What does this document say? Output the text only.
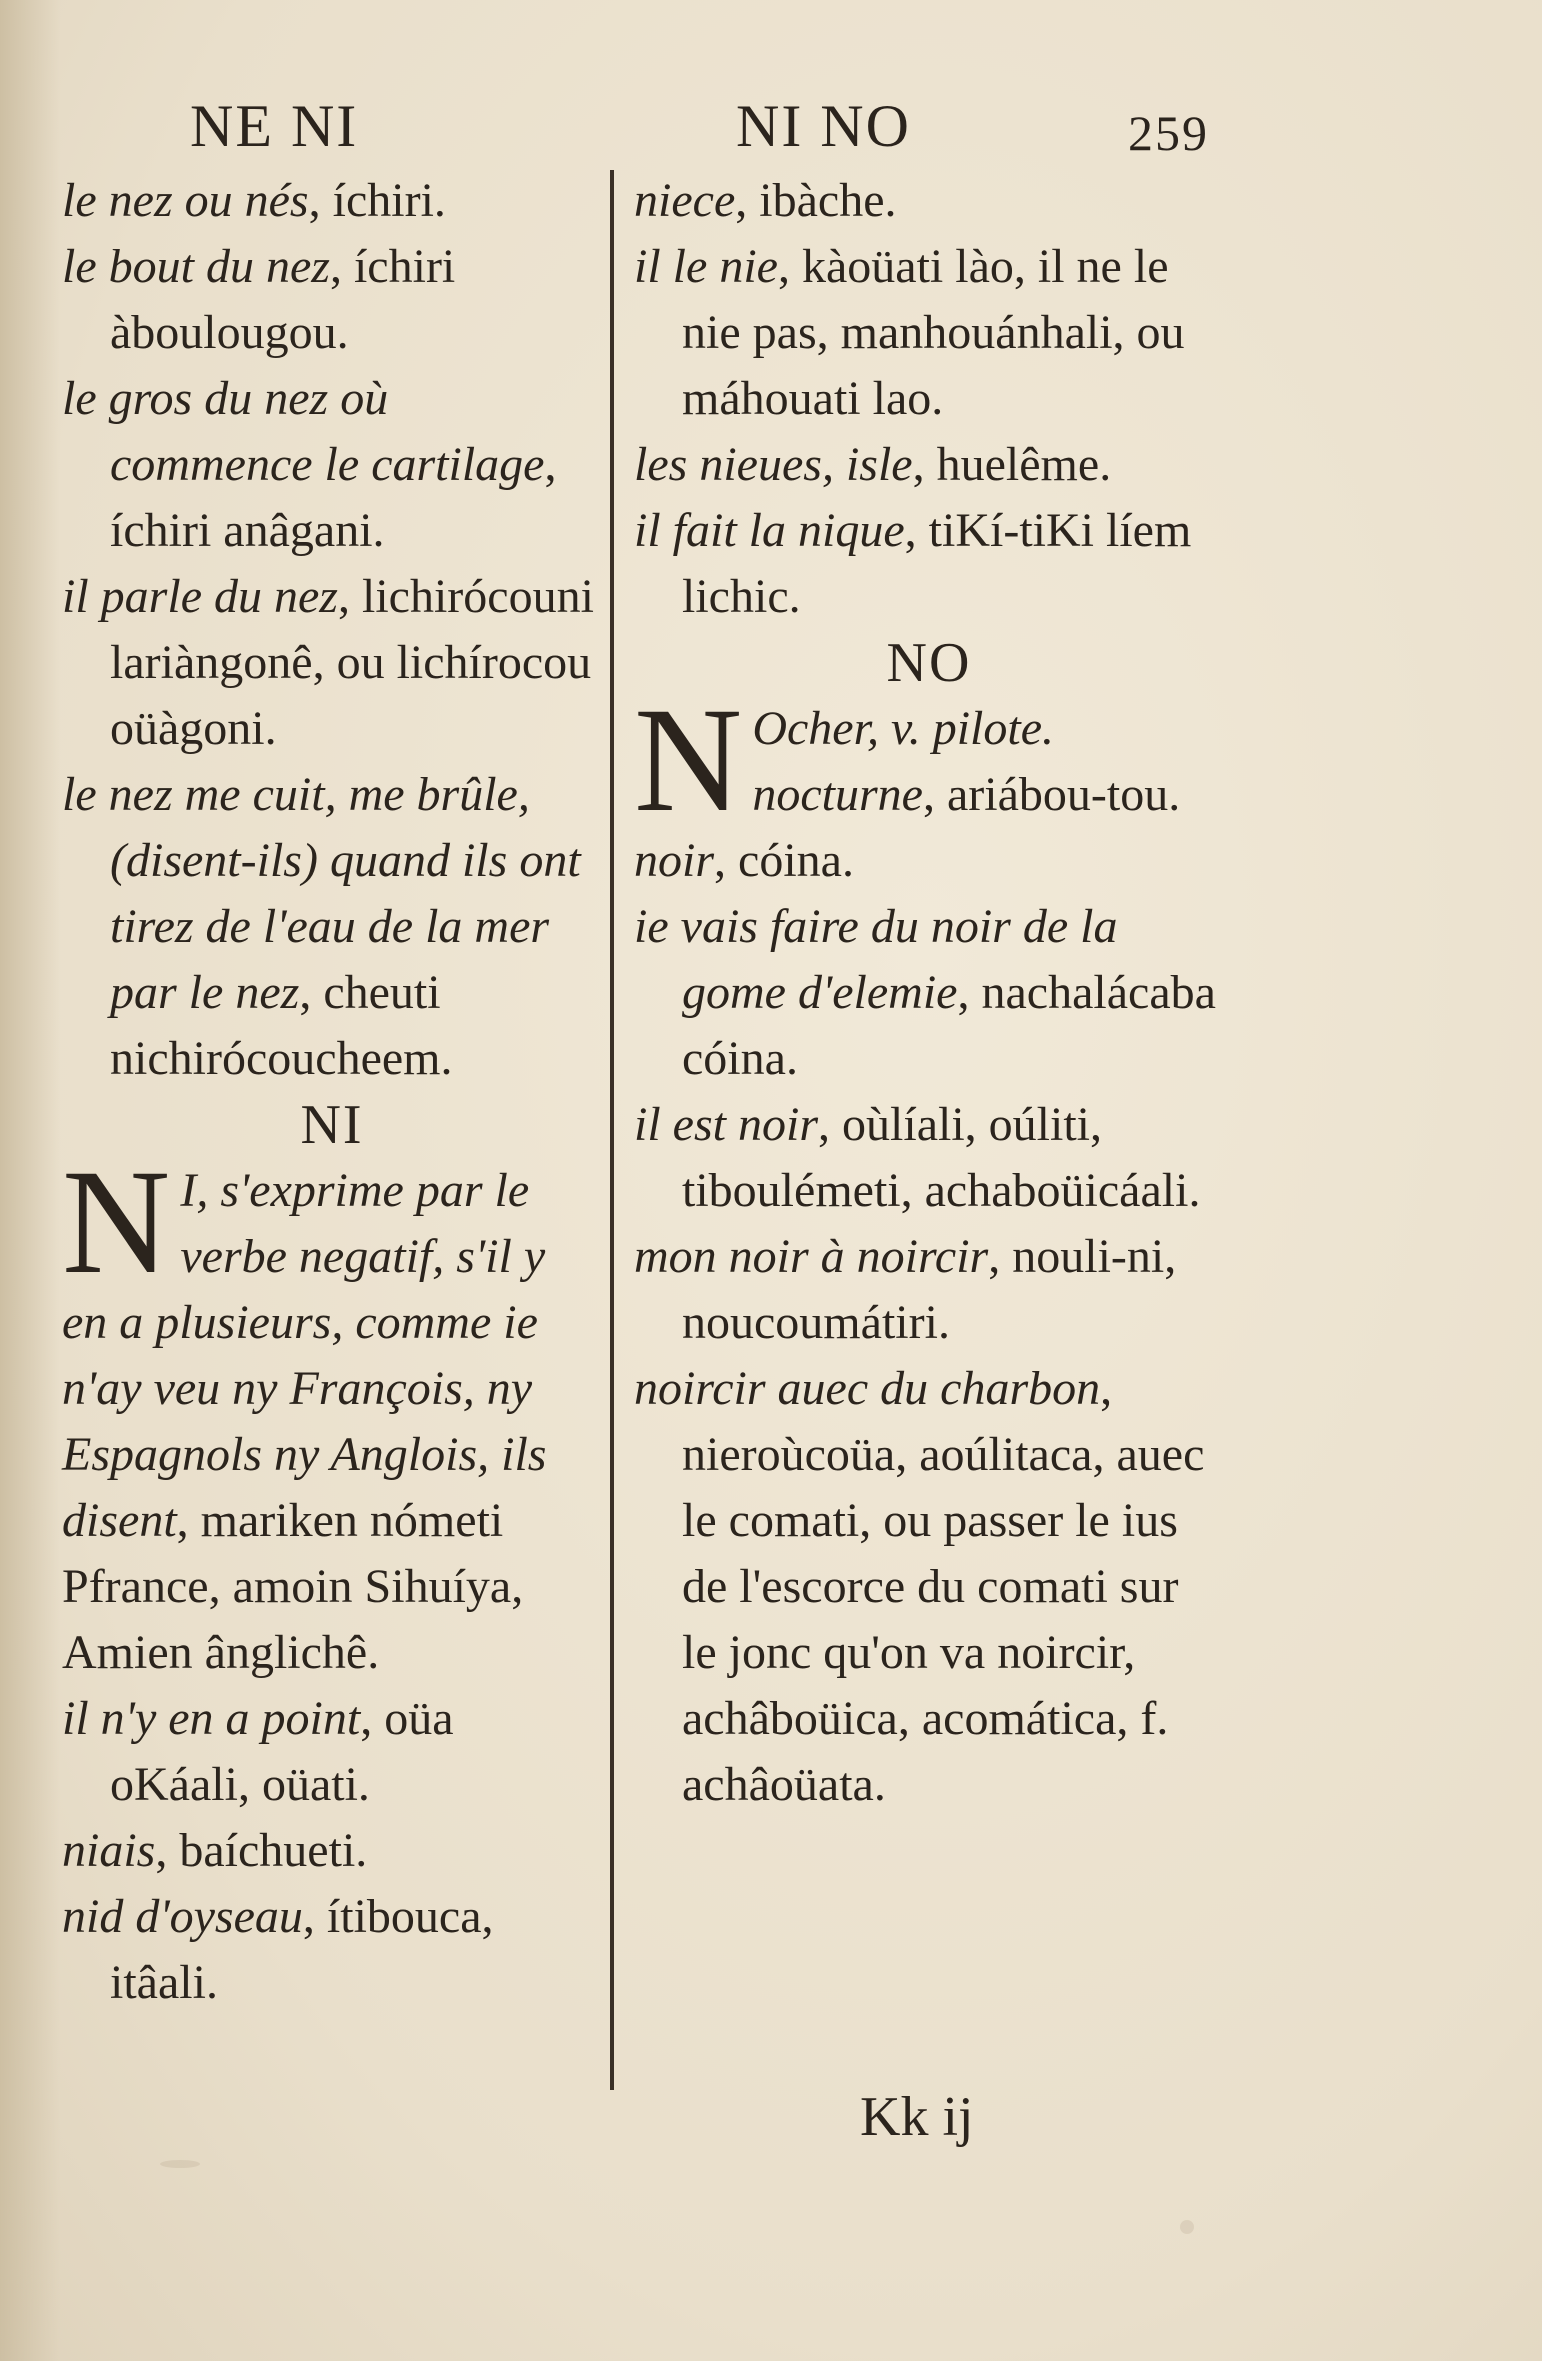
NE NI	NI NO	259

le nez ou nés, íchiri.

le bout du nez, íchiri àboulougou.

le gros du nez où commence le cartilage, íchiri anâgani.

il parle du nez, lichirócouni lariàngonê, ou lichírocou oüàgoni.

le nez me cuit, me brûle, (disent-ils) quand ils ont tirez de l'eau de la mer par le nez, cheuti nichirócoucheem.

NI
N I, s'exprime par le verbe negatif, s'il y en a plusieurs, comme ie n'ay veu ny François, ny Espagnols ny Anglois, ils disent, mariken nómeti Pfrance, amoin Sihuíya, Amien ânglichê.

il n'y en a point, oüa oKáali, oüati.

niais, baíchueti.

nid d'oyseau, ítibouca, itâali.

niece, ibàche.

il le nie, kàoüati lào, il ne le nie pas, manhouánhali, ou máhouati lao.

les nieues, isle, huelême.

il fait la nique, tiKí-tiKi líem lichic.

NO
N Ocher, v. pilote.

nocturne, ariábou-tou.

noir, cóina.

ie vais faire du noir de la gome d'elemie, nachalácaba cóina.

il est noir, oùlíali, oúliti, tiboulémeti, achaboüicáali.

mon noir à noircir, nouli-ni, noucoumátiri.

noircir auec du charbon, nieroùcoüa, aoúlitaca, auec le comati, ou passer le ius de l'escorce du comati sur le jonc qu'on va noircir, achâboüica, acomática, f. achâoüata.

Kk ij
